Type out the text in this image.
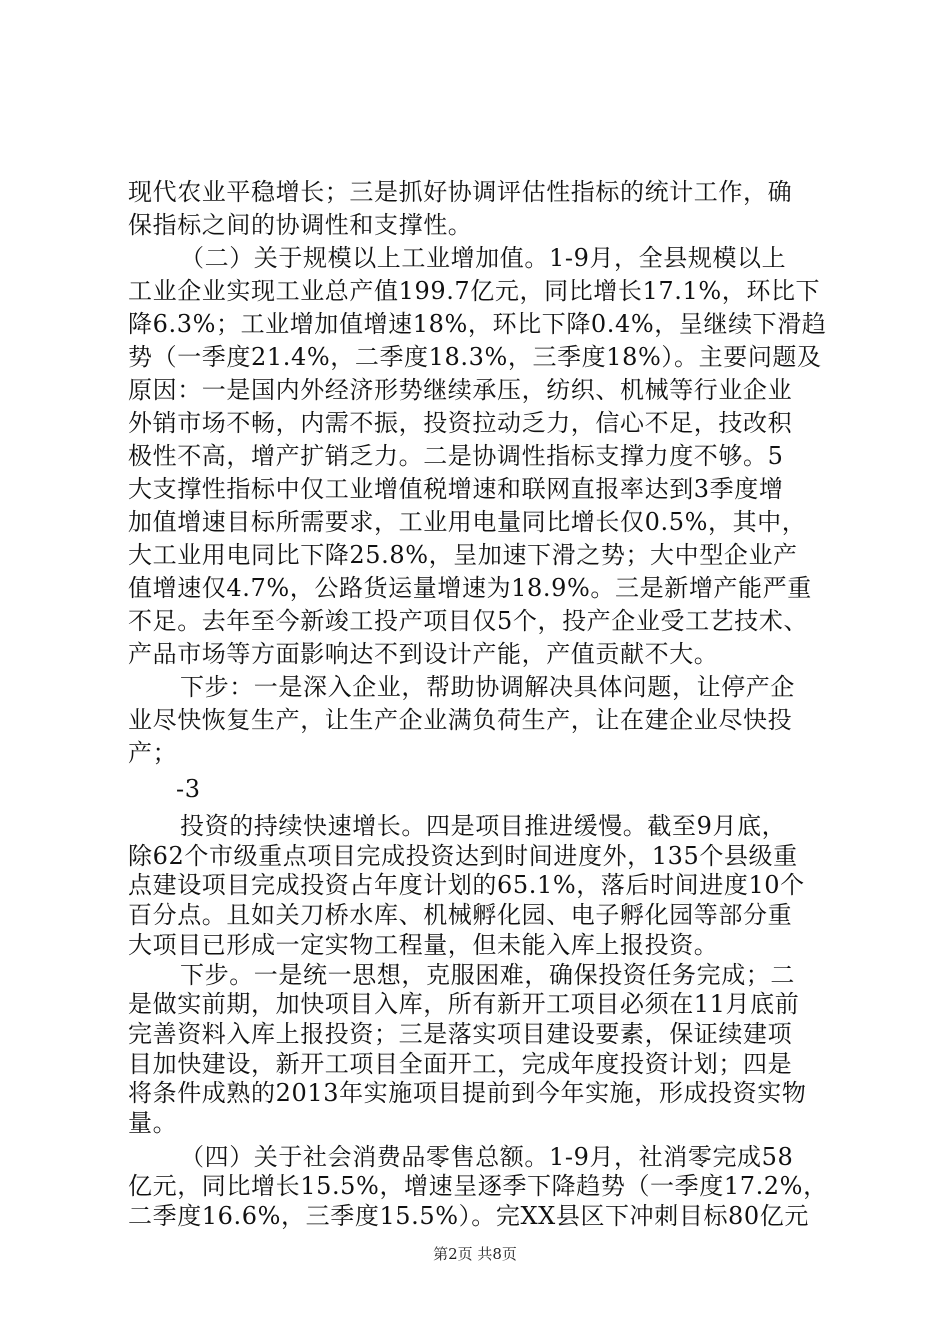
现代农业平稳增长；三是抓好协调评估性指标的统计工作，确
保指标之间的协调性和支撑性。
（二）关于规模以上工业增加值。1-9月，全县规模以上
工业企业实现工业总产值199.7亿元，同比增长17.1%，环比下
降6.3%；工业增加值增速18%，环比下降0.4%，呈继续下滑趋
势（一季度21.4%，二季度18.3%，三季度18%）。主要问题及
原因：一是国内外经济形势继续承压，纺织、机械等行业企业
外销市场不畅，内需不振，投资拉动乏力，信心不足，技改积
极性不高，增产扩销乏力。二是协调性指标支撑力度不够。5
大支撑性指标中仅工业增值税增速和联网直报率达到3季度增
加值增速目标所需要求，工业用电量同比增长仅0.5%，其中，
大工业用电同比下降25.8%，呈加速下滑之势；大中型企业产
值增速仅4.7%，公路货运量增速为18.9%。三是新增产能严重
不足。去年至今新竣工投产项目仅5个，投产企业受工艺技术、
产品市场等方面影响达不到设计产能，产值贡献不大。
下步：一是深入企业，帮助协调解决具体问题，让停产企
业尽快恢复生产，让生产企业满负荷生产，让在建企业尽快投
产；
-3
投资的持续快速增长。四是项目推进缓慢。截至9月底，
除62个市级重点项目完成投资达到时间进度外，135个县级重
点建设项目完成投资占年度计划的65.1%，落后时间进度10个
百分点。且如关刀桥水库、机械孵化园、电子孵化园等部分重
大项目已形成一定实物工程量，但未能入库上报投资。
下步。一是统一思想，克服困难，确保投资任务完成；二
是做实前期，加快项目入库，所有新开工项目必须在11月底前
完善资料入库上报投资；三是落实项目建设要素，保证续建项
目加快建设，新开工项目全面开工，完成年度投资计划；四是
将条件成熟的2013年实施项目提前到今年实施，形成投资实物
量。
（四）关于社会消费品零售总额。1-9月，社消零完成58
亿元，同比增长15.5%，增速呈逐季下降趋势（一季度17.2%，
第2页 共8页
二季度16.6%，三季度15.5%）。完XX县区下冲刺目标80亿元
